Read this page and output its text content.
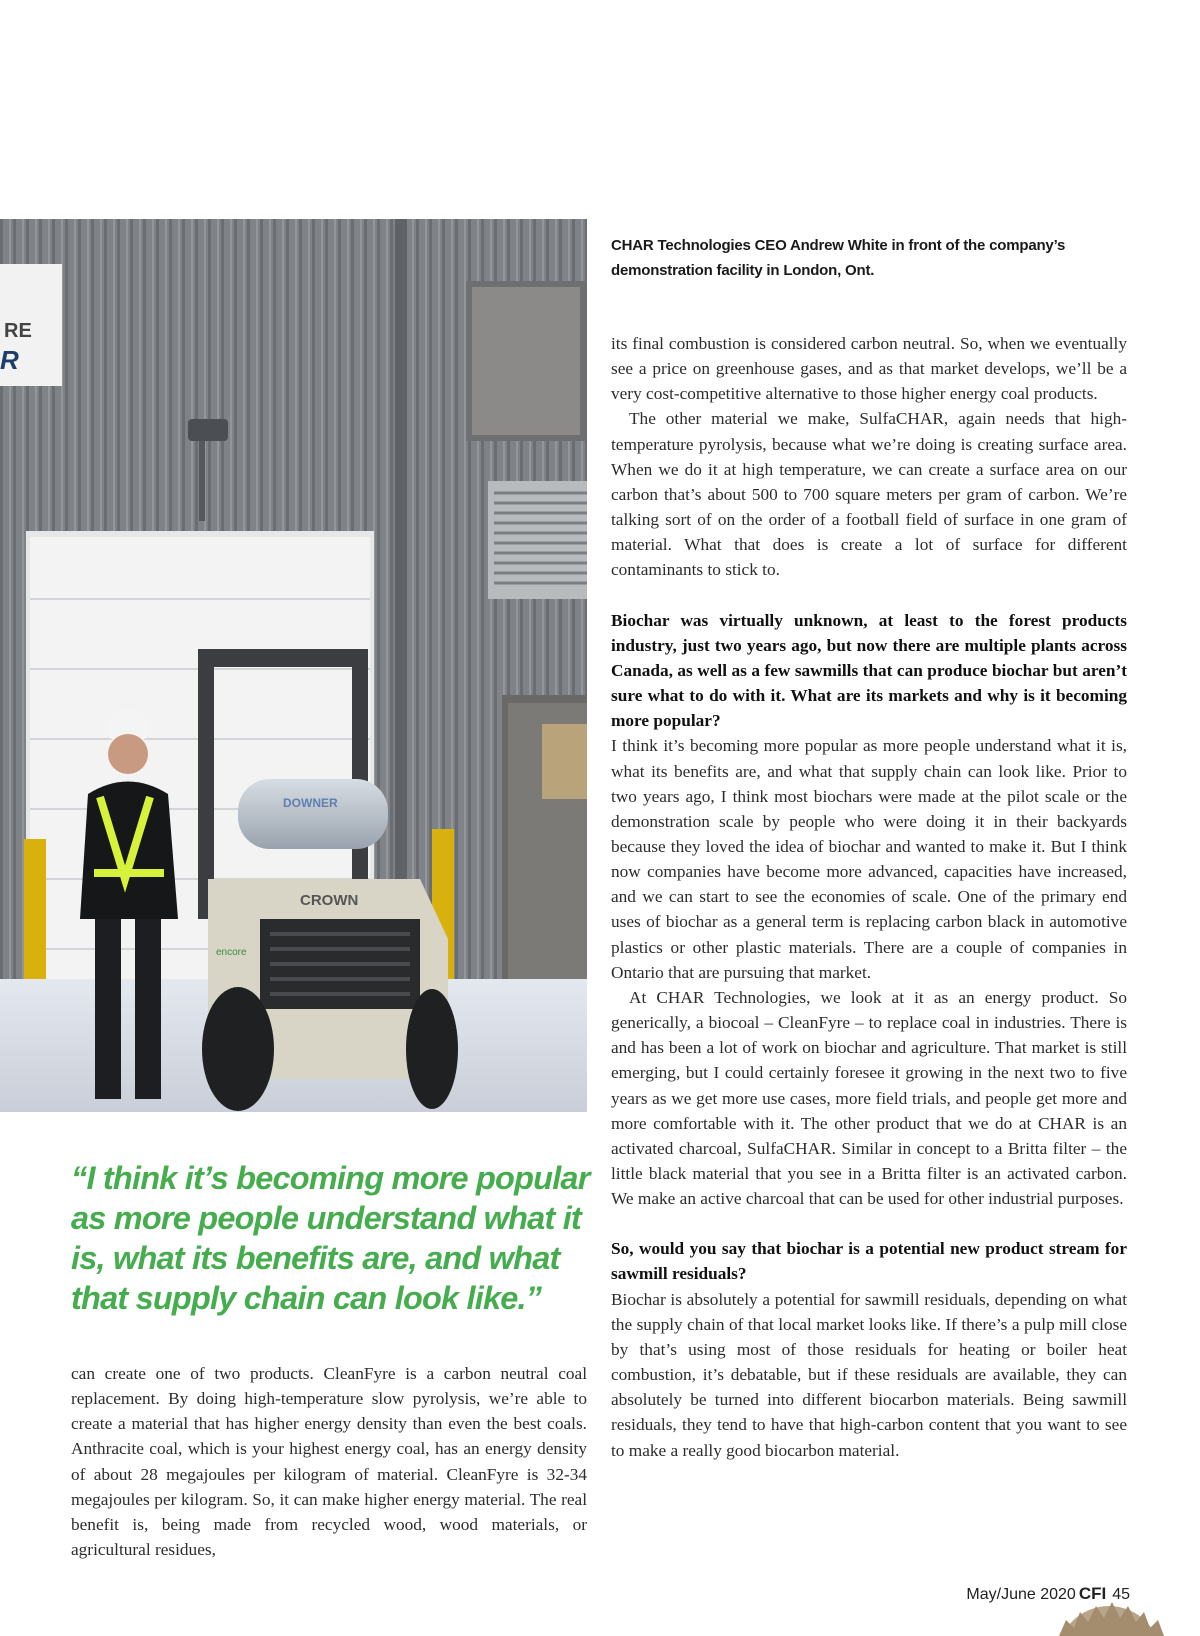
RE
R
CROWN
encore
DOWNER
CHAR Technologies CEO Andrew White in front of the company’s demonstration facility in London, Ont.
“I think it’s becoming more popular as more people understand what it is, what its benefits are, and what that supply chain can look like.”

can create one of two products. CleanFyre is a carbon neutral coal replacement. By doing high-temperature slow pyrolysis, we’re able to create a material that has higher energy density than even the best coals. Anthracite coal, which is your highest energy coal, has an energy density of about 28 megajoules per kilogram of material. CleanFyre is 32-34 megajoules per kilogram. So, it can make higher energy material. The real benefit is, being made from recycled wood, wood materials, or agricultural residues,

its final combustion is considered carbon neutral. So, when we eventually see a price on greenhouse gases, and as that market develops, we’ll be a very cost-competitive alternative to those higher energy coal products.

The other material we make, SulfaCHAR, again needs that high-temperature pyrolysis, because what we’re doing is creating surface area. When we do it at high temperature, we can create a surface area on our carbon that’s about 500 to 700 square meters per gram of carbon. We’re talking sort of on the order of a football field of surface in one gram of material. What that does is create a lot of surface for different contaminants to stick to.

Biochar was virtually unknown, at least to the forest products industry, just two years ago, but now there are multiple plants across Canada, as well as a few sawmills that can produce biochar but aren’t sure what to do with it. What are its markets and why is it becoming more popular?

I think it’s becoming more popular as more people understand what it is, what its benefits are, and what that supply chain can look like. Prior to two years ago, I think most biochars were made at the pilot scale or the demonstration scale by people who were doing it in their backyards because they loved the idea of biochar and wanted to make it. But I think now companies have become more advanced, capacities have increased, and we can start to see the economies of scale. One of the primary end uses of biochar as a general term is replacing carbon black in automotive plastics or other plastic materials. There are a couple of companies in Ontario that are pursuing that market.

At CHAR Technologies, we look at it as an energy product. So generically, a biocoal – CleanFyre – to replace coal in industries. There is and has been a lot of work on biochar and agriculture. That market is still emerging, but I could certainly foresee it growing in the next two to five years as we get more use cases, more field trials, and people get more and more comfortable with it. The other product that we do at CHAR is an activated charcoal, SulfaCHAR. Similar in concept to a Britta filter – the little black material that you see in a Britta filter is an activated carbon. We make an active charcoal that can be used for other industrial purposes.

So, would you say that biochar is a potential new product stream for sawmill residuals?

Biochar is absolutely a potential for sawmill residuals, depending on what the supply chain of that local market looks like. If there’s a pulp mill close by that’s using most of those residuals for heating or boiler heat combustion, it’s debatable, but if these residuals are available, they can absolutely be turned into different biocarbon materials. Being sawmill residuals, they tend to have that high-carbon content that you want to see to make a really good biocarbon material.

May/June 2020 CFI 45
